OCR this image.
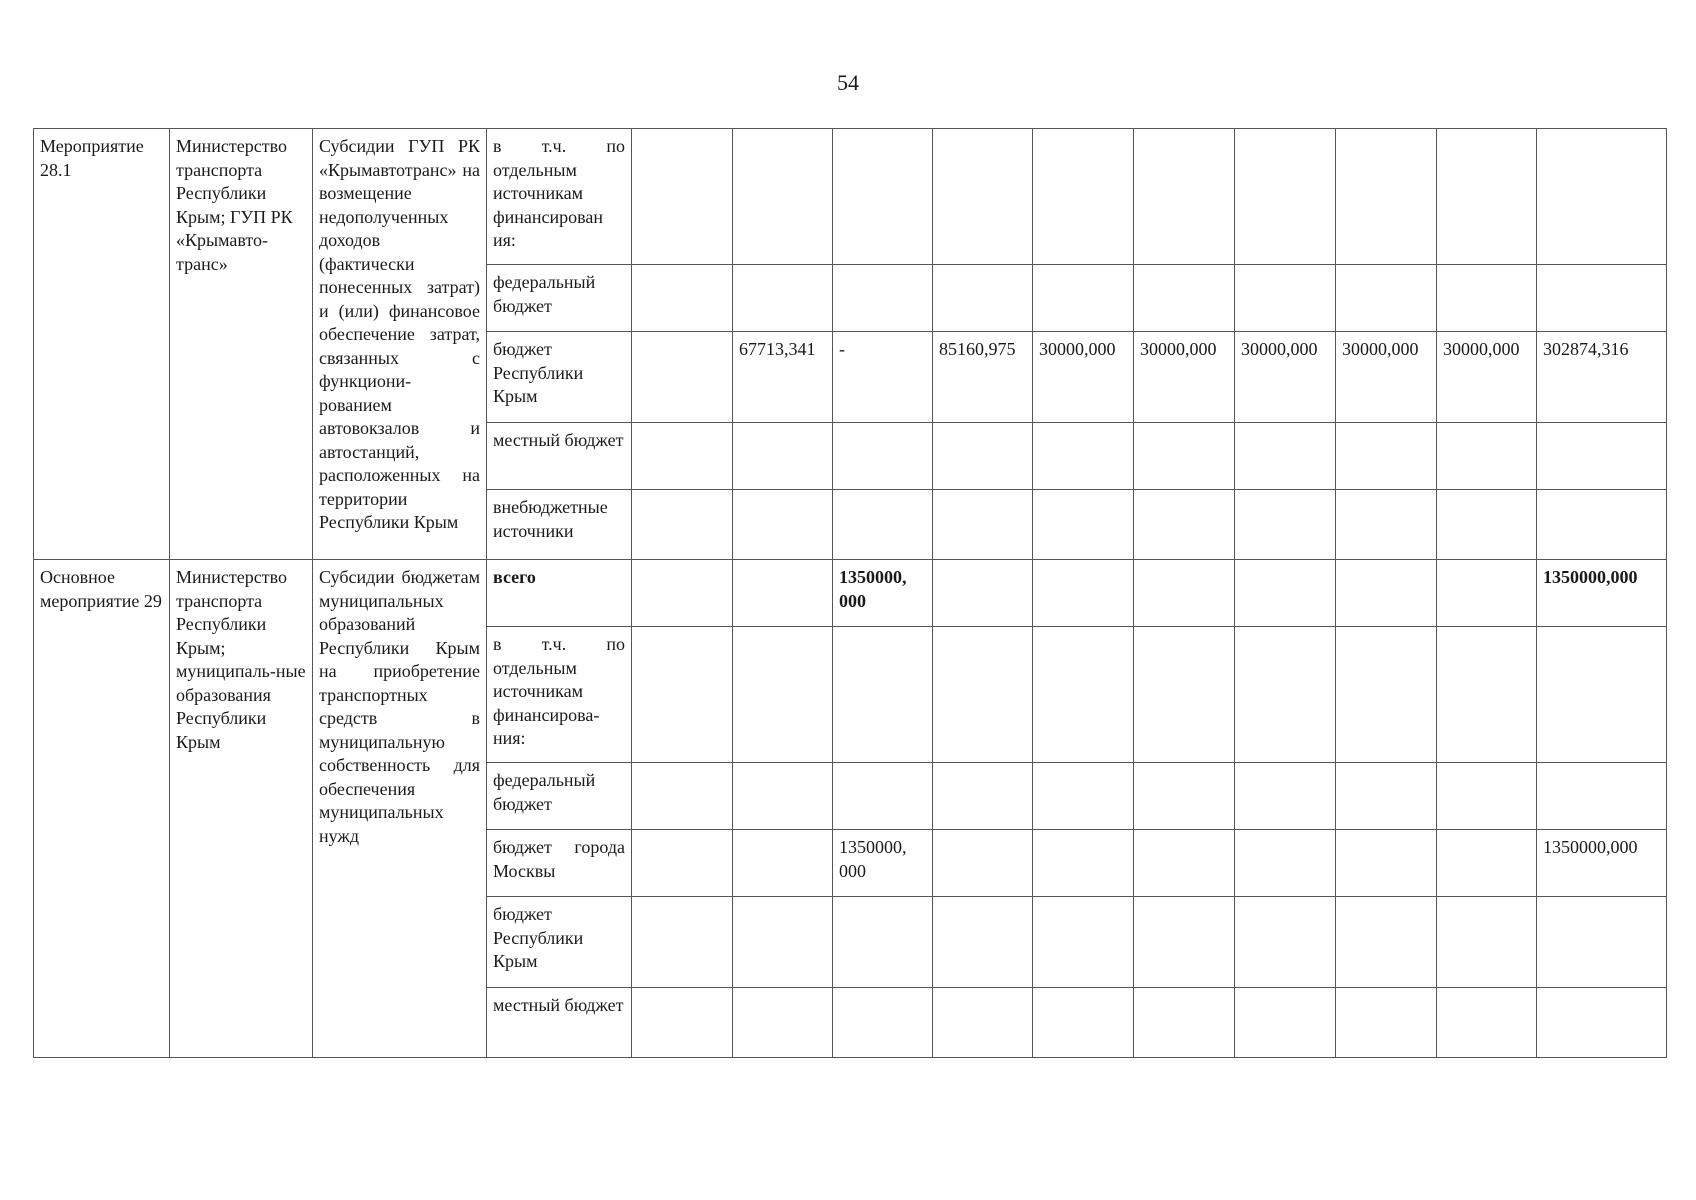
54
Мероприятие 28.1	Министерство транспорта Республики Крым; ГУП РК «Крымавто-транс»	Субсидии ГУП РК «Крымавтотранс» на возмещение недополученных доходов (фактически понесенных затрат) и (или) финансовое обеспечение затрат, связанных с функциони-рованием автовокзалов и автостанций, расположенных на территории Республики Крым	в т.ч. по отдельным источникам финансирован ия:										
			федеральный бюджет										
			бюджет Республики Крым		67713,341	-	85160,975	30000,000	30000,000	30000,000	30000,000	30000,000	302874,316
			местный бюджет										
			внебюджетные источники										
Основное мероприятие 29	Министерство транспорта Республики Крым; муниципаль-ные образования Республики Крым	Субсидии бюджетам муниципальных образований Республики Крым на приобретение транспортных средств в муниципальную собственность для обеспечения муниципальных нужд	всего			1350000, 000							1350000,000
			в т.ч. по отдельным источникам финансирова-ния:										
			федеральный бюджет										
			бюджет города Москвы			1350000, 000							1350000,000
			бюджет Республики Крым										
			местный бюджет										
